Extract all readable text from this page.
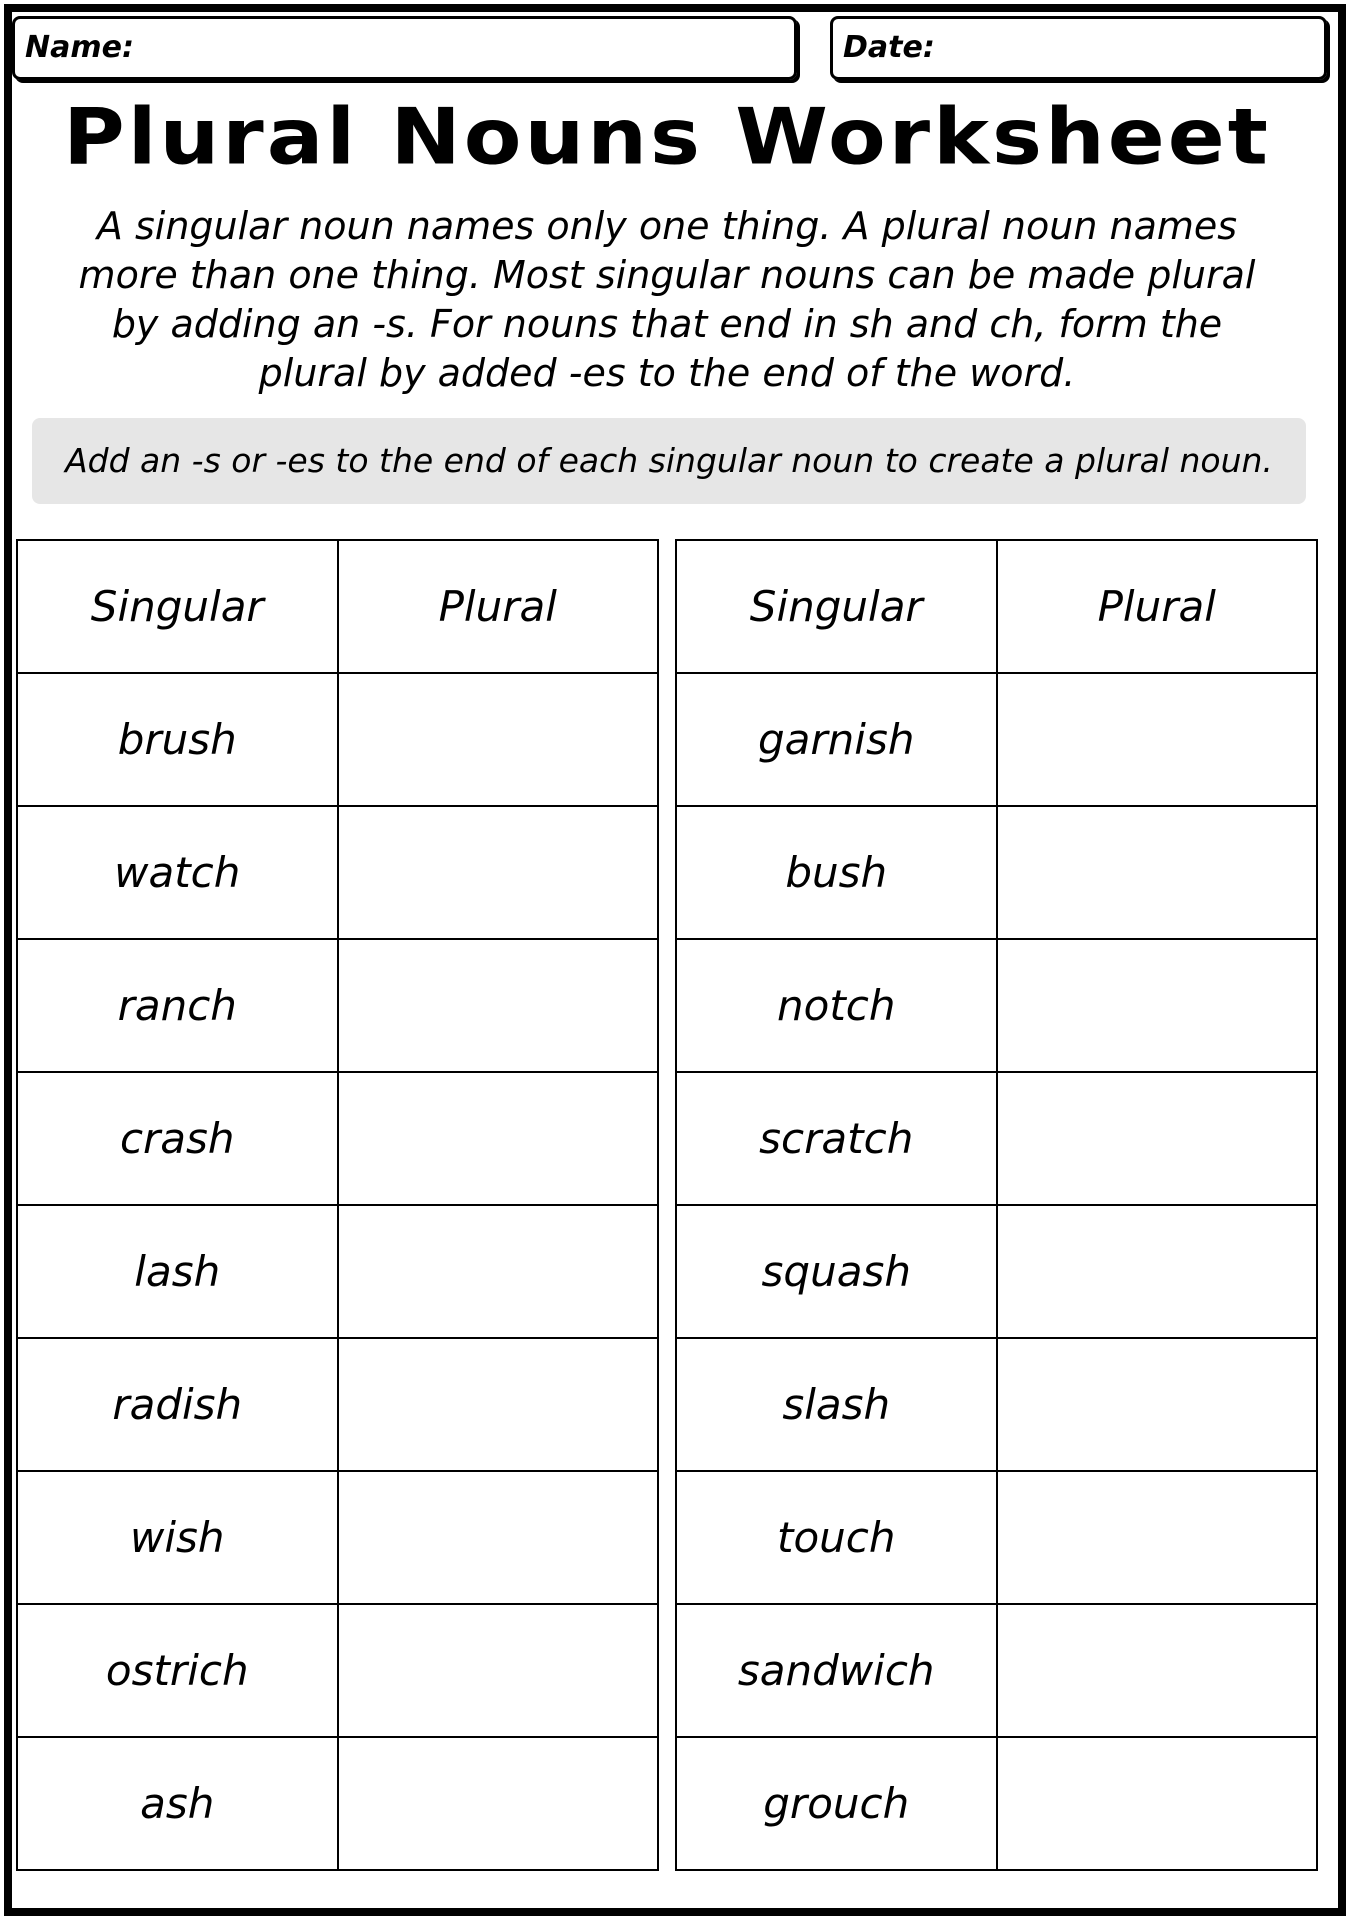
Name:	Date:
Plural Nouns Worksheet
A singular noun names only one thing. A plural noun names more than one thing. Most singular nouns can be made plural by adding an -s. For nouns that end in sh and ch, form the plural by added -es to the end of the word.
Add an -s or -es to the end of each singular noun to create a plural noun.
Singular	Plural
brush	
watch	
ranch	
crash	
lash	
radish	
wish	
ostrich	
ash	
Singular	Plural
garnish	
bush	
notch	
scratch	
squash	
slash	
touch	
sandwich	
grouch	
